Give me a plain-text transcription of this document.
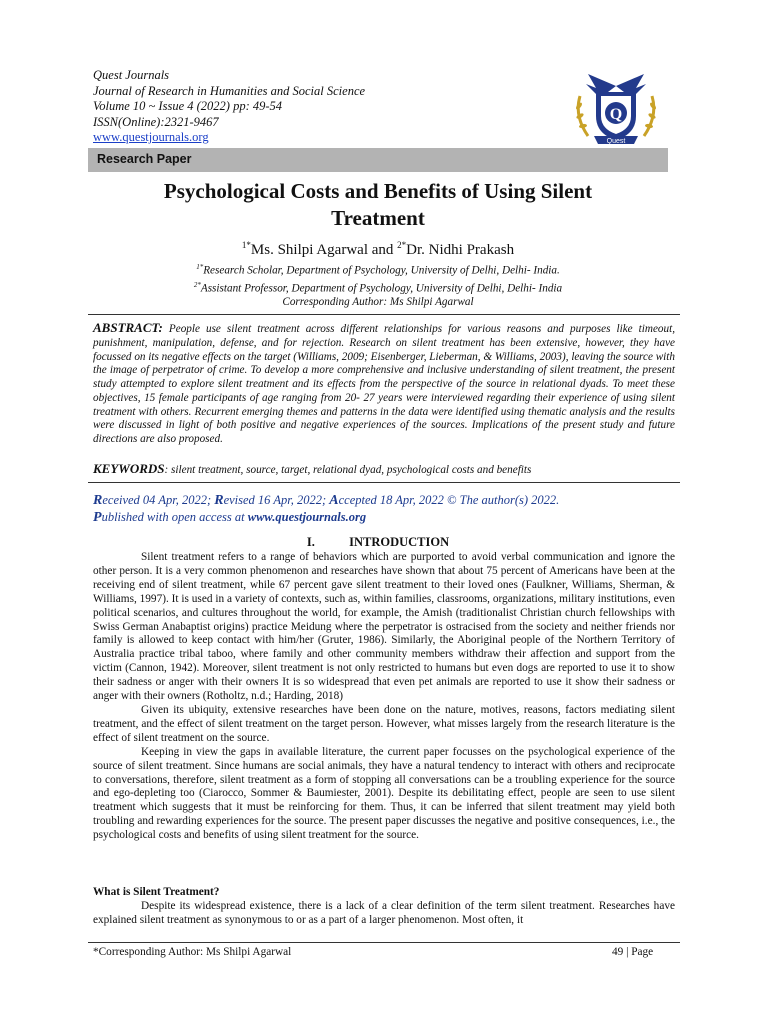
Quest Journals
Journal of Research in Humanities and Social Science
Volume 10 ~ Issue 4 (2022) pp: 49-54
ISSN(Online):2321-9467
www.questjournals.org
Q
Quest
Research Paper
Psychological Costs and Benefits of Using Silent
Treatment
$^{1*}$Ms. Shilpi Agarwal and $^{2*}$Dr. Nidhi Prakash
$^{1*}$Research Scholar, Department of Psychology, University of Delhi, Delhi- India.
$^{2*}$Assistant Professor, Department of Psychology, University of Delhi, Delhi- India
Corresponding Author: Ms Shilpi Agarwal
ABSTRACT: People use silent treatment across different relationships for various reasons and purposes like timeout, punishment, manipulation, defense, and for rejection. Research on silent treatment has been extensive, however, they have focussed on its negative effects on the target (Williams, 2009; Eisenberger, Lieberman, & Williams, 2003), leaving the source with the image of perpetrator of crime. To develop a more comprehensive and inclusive understanding of silent treatment, the present study attempted to explore silent treatment and its effects from the perspective of the source in relational dyads. To meet these objectives, 15 female participants of age ranging from 20- 27 years were interviewed regarding their experience of using silent treatment with others. Recurrent emerging themes and patterns in the data were identified using thematic analysis and the results were discussed in light of both positive and negative experiences of the sources. Implications of the present study and future directions are also proposed.
KEYWORDS: silent treatment, source, target, relational dyad, psychological costs and benefits
Received 04 Apr, 2022; Revised 16 Apr, 2022; Accepted 18 Apr, 2022 © The author(s) 2022.
Published with open access at www.questjournals.org
I.	INTRODUCTION

Silent treatment refers to a range of behaviors which are purported to avoid verbal communication and ignore the other person. It is a very common phenomenon and researches have shown that about 75 percent of Americans have been at the receiving end of silent treatment, while 67 percent gave silent treatment to their loved ones (Faulkner, Williams, Sherman, & Williams, 1997). It is used in a variety of contexts, such as, within families, classrooms, organizations, military institutions, even political scenarios, and cultures throughout the world, for example, the Amish (traditionalist Christian church fellowships with Swiss German Anabaptist origins) practice Meidung where the perpetrator is ostracised from the society and neither friends nor family is allowed to keep contact with him/her (Gruter, 1986). Similarly, the Aboriginal people of the Northern Territory of Australia practice tribal taboo, where family and other community members withdraw their affection and support from the victim (Cannon, 1942). Moreover, silent treatment is not only restricted to humans but even dogs are reported to use it to show their sadness or anger with their owners It is so widespread that even pet animals are reported to use it show their sadness or anger with their owners (Rotholtz, n.d.; Harding, 2018)

Given its ubiquity, extensive researches have been done on the nature, motives, reasons, factors mediating silent treatment, and the effect of silent treatment on the target person. However, what misses largely from the research literature is the effect of silent treatment on the source.

Keeping in view the gaps in available literature, the current paper focusses on the psychological experience of the source of silent treatment. Since humans are social animals, they have a natural tendency to interact with others and reciprocate to conversations, therefore, silent treatment as a form of stopping all conversations can be a troubling experience for the source and ego-depleting too (Ciarocco, Sommer & Baumiester, 2001). Despite its debilitating effect, people are seen to use silent treatment which suggests that it must be reinforcing for them. Thus, it can be inferred that silent treatment may yield both troubling and rewarding experiences for the source. The present paper discusses the negative and positive consequences, i.e., the psychological costs and benefits of using silent treatment for the source.

What is Silent Treatment?

Despite its widespread existence, there is a lack of a clear definition of the term silent treatment. Researches have explained silent treatment as synonymous to or as a part of a larger phenomenon. Most often, it

*Corresponding Author: Ms Shilpi Agarwal	49 | Page
